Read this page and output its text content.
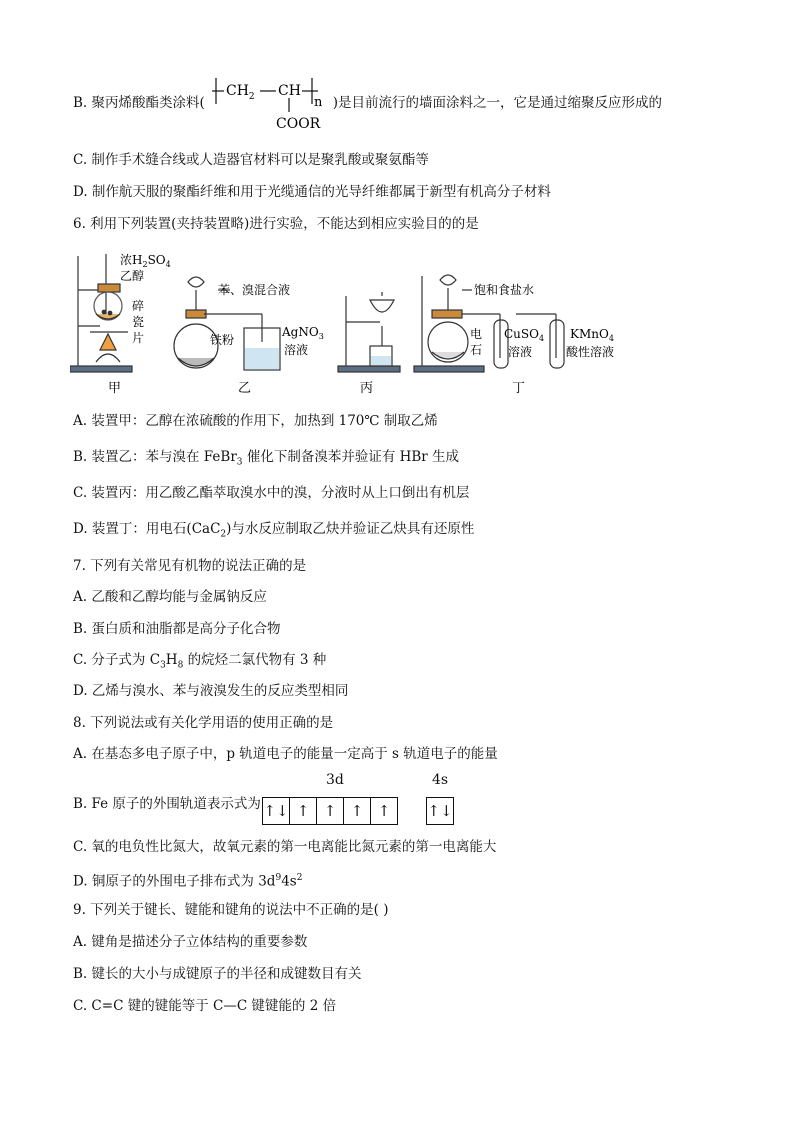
B. 聚丙烯酸酯类涂料(	)是目前流行的墙面涂料之一，它是通过缩聚反应形成的
$CH_2$ CH
n
COOR
C. 制作手术缝合线或人造器官材料可以是聚乳酸或聚氨酯等
D. 制作航天服的聚酯纤维和用于光缆通信的光导纤维都属于新型有机高分子材料
6. 利用下列装置(夹持装置略)进行实验，不能达到相应实验目的的是
浓$H_2SO_4$
乙醇
碎
瓷
片
甲
苯、溴混合液
铁粉
AgNO$_3$
溶液
乙	丙
饱和食盐水
电
石
CuSO$_4$
溶液
KMnO$_4$
酸性溶液
丁
A. 装置甲：乙醇在浓硫酸的作用下，加热到 170℃ 制取乙烯
B. 装置乙：苯与溴在 FeBr$_3$ 催化下制备溴苯并验证有 HBr 生成
C. 装置丙：用乙酸乙酯萃取溴水中的溴，分液时从上口倒出有机层
D. 装置丁：用电石(CaC$_2$)与水反应制取乙炔并验证乙炔具有还原性
7. 下列有关常见有机物的说法正确的是
A. 乙酸和乙醇均能与金属钠反应
B. 蛋白质和油脂都是高分子化合物
C. 分子式为 $C_3H_8$ 的烷烃二氯代物有 3 种
D. 乙烯与溴水、苯与液溴发生的反应类型相同
8. 下列说法或有关化学用语的使用正确的是
A. 在基态多电子原子中，p 轨道电子的能量一定高于 s 轨道电子的能量
B. Fe 原子的外围轨道表示式为
3d	4s
↑↓ ↑ ↑ ↑ ↑	↑↓
C. 氧的电负性比氮大，故氧元素的第一电离能比氮元素的第一电离能大
D. 铜原子的外围电子排布式为 $3d^94s^2$
9. 下列关于键长、键能和键角的说法中不正确的是( )
A. 键角是描述分子立体结构的重要参数
B. 键长的大小与成键原子的半径和成键数目有关
C. C=C 键的键能等于 C—C 键键能的 2 倍
